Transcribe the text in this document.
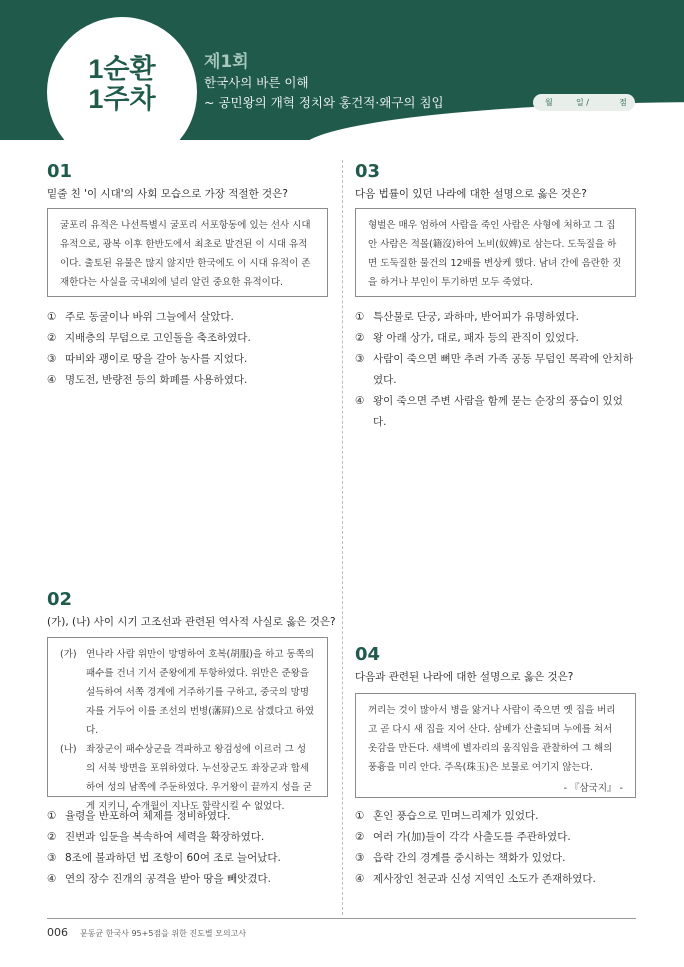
1순환
1주차
제1회
한국사의 바른 이해
~ 공민왕의 개혁 정치와 홍건적·왜구의 침입	월	일 /	점
01
밑줄 친 '이 시대'의 사회 모습으로 가장 적절한 것은?

굴포리 유적은 나선특별시 굴포리 서포항동에 있는 선사 시대 유적으로, 광복 이후 한반도에서 최초로 발견된 이 시대 유적이다. 출토된 유물은 많지 않지만 한국에도 이 시대 유적이 존재한다는 사실을 국내외에 널리 알린 중요한 유적이다.

① 주로 동굴이나 바위 그늘에서 살았다.
② 지배층의 무덤으로 고인돌을 축조하였다.
③ 따비와 괭이로 땅을 갈아 농사를 지었다.
④ 명도전, 반량전 등의 화폐를 사용하였다.
02
(가), (나) 사이 시기 고조선과 관련된 역사적 사실로 옳은 것은?
(가) 연나라 사람 위만이 망명하여 호복(胡服)을 하고 동쪽의 패수를 건너 기서 준왕에게 투항하였다. 위만은 준왕을 설득하여 서쪽 경계에 거주하기를 구하고, 중국의 망명자를 거두어 이를 조선의 번병(藩屛)으로 삼겠다고 하였다.
(나) 좌장군이 패수상군을 격파하고 왕검성에 이르러 그 성의 서북 방면을 포위하였다. 누선장군도 좌장군과 합세하여 성의 남쪽에 주둔하였다. 우거왕이 끝까지 성을 굳게 지키니, 수개월이 지나도 함락시킬 수 없었다.
① 율령을 반포하여 체제를 정비하였다.
② 진번과 임둔을 복속하여 세력을 확장하였다.
③ 8조에 불과하던 법 조항이 60여 조로 늘어났다.
④ 연의 장수 진개의 공격을 받아 땅을 빼앗겼다.
03
다음 법률이 있던 나라에 대한 설명으로 옳은 것은?

형벌은 매우 엄하여 사람을 죽인 사람은 사형에 처하고 그 집안 사람은 적몰(籍沒)하여 노비(奴婢)로 삼는다. 도둑질을 하면 도둑질한 물건의 12배를 변상케 했다. 남녀 간에 음란한 짓을 하거나 부인이 투기하면 모두 죽였다.

① 특산물로 단궁, 과하마, 반어피가 유명하였다.
② 왕 아래 상가, 대로, 패자 등의 관직이 있었다.
③ 사람이 죽으면 뼈만 추려 가족 공동 무덤인 목곽에 안치하였다.
④ 왕이 죽으면 주변 사람을 함께 묻는 순장의 풍습이 있었다.
04
다음과 관련된 나라에 대한 설명으로 옳은 것은?

꺼리는 것이 많아서 병을 앓거나 사람이 죽으면 옛 집을 버리고 곧 다시 새 집을 지어 산다. 삼베가 산출되며 누에를 쳐서 옷감을 만든다. 새벽에 별자리의 움직임을 관찰하여 그 해의 풍흉을 미리 안다. 주옥(珠玉)은 보물로 여기지 않는다.

- 『삼국지』 -
① 혼인 풍습으로 민며느리제가 있었다.
② 여러 가(加)들이 각각 사출도를 주관하였다.
③ 읍락 간의 경계를 중시하는 책화가 있었다.
④ 제사장인 천군과 신성 지역인 소도가 존재하였다.
006 문동균 한국사 95+5점을 위한 진도별 모의고사
